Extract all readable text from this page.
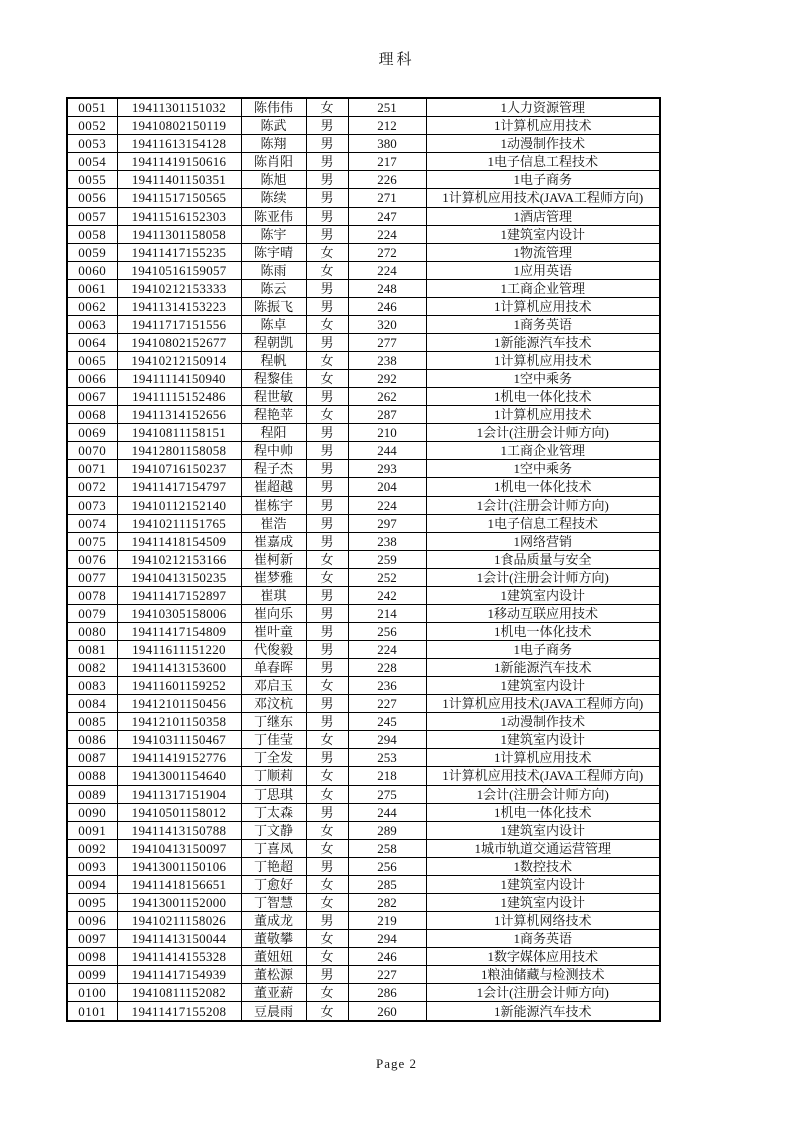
理科
0051	19411301151032	陈伟伟	女	251	1人力资源管理
0052	19410802150119	陈武	男	212	1计算机应用技术
0053	19411613154128	陈翔	男	380	1动漫制作技术
0054	19411419150616	陈肖阳	男	217	1电子信息工程技术
0055	19411401150351	陈旭	男	226	1电子商务
0056	19411517150565	陈续	男	271	1计算机应用技术(JAVA工程师方向)
0057	19411516152303	陈亚伟	男	247	1酒店管理
0058	19411301158058	陈宇	男	224	1建筑室内设计
0059	19411417155235	陈宇晴	女	272	1物流管理
0060	19410516159057	陈雨	女	224	1应用英语
0061	19410212153333	陈云	男	248	1工商企业管理
0062	19411314153223	陈振飞	男	246	1计算机应用技术
0063	19411717151556	陈卓	女	320	1商务英语
0064	19410802152677	程朝凯	男	277	1新能源汽车技术
0065	19410212150914	程帆	女	238	1计算机应用技术
0066	19411114150940	程黎佳	女	292	1空中乘务
0067	19411115152486	程世敏	男	262	1机电一体化技术
0068	19411314152656	程艳苹	女	287	1计算机应用技术
0069	19410811158151	程阳	男	210	1会计(注册会计师方向)
0070	19412801158058	程中帅	男	244	1工商企业管理
0071	19410716150237	程子杰	男	293	1空中乘务
0072	19411417154797	崔超越	男	204	1机电一体化技术
0073	19410112152140	崔栋宇	男	224	1会计(注册会计师方向)
0074	19410211151765	崔浩	男	297	1电子信息工程技术
0075	19411418154509	崔嘉成	男	238	1网络营销
0076	19410212153166	崔柯新	女	259	1食品质量与安全
0077	19410413150235	崔梦雅	女	252	1会计(注册会计师方向)
0078	19411417152897	崔琪	男	242	1建筑室内设计
0079	19410305158006	崔向乐	男	214	1移动互联应用技术
0080	19411417154809	崔叶童	男	256	1机电一体化技术
0081	19411611151220	代俊毅	男	224	1电子商务
0082	19411413153600	单春晖	男	228	1新能源汽车技术
0083	19411601159252	邓启玉	女	236	1建筑室内设计
0084	19412101150456	邓汶杭	男	227	1计算机应用技术(JAVA工程师方向)
0085	19412101150358	丁继东	男	245	1动漫制作技术
0086	19410311150467	丁佳莹	女	294	1建筑室内设计
0087	19411419152776	丁全发	男	253	1计算机应用技术
0088	19413001154640	丁顺莉	女	218	1计算机应用技术(JAVA工程师方向)
0089	19411317151904	丁思琪	女	275	1会计(注册会计师方向)
0090	19410501158012	丁太森	男	244	1机电一体化技术
0091	19411413150788	丁文静	女	289	1建筑室内设计
0092	19410413150097	丁喜凤	女	258	1城市轨道交通运营管理
0093	19413001150106	丁艳超	男	256	1数控技术
0094	19411418156651	丁愈好	女	285	1建筑室内设计
0095	19413001152000	丁智慧	女	282	1建筑室内设计
0096	19410211158026	董成龙	男	219	1计算机网络技术
0097	19411413150044	董敬攀	女	294	1商务英语
0098	19411414155328	董妞妞	女	246	1数字媒体应用技术
0099	19411417154939	董松源	男	227	1粮油储藏与检测技术
0100	19410811152082	董亚薪	女	286	1会计(注册会计师方向)
0101	19411417155208	豆晨雨	女	260	1新能源汽车技术
Page 2
